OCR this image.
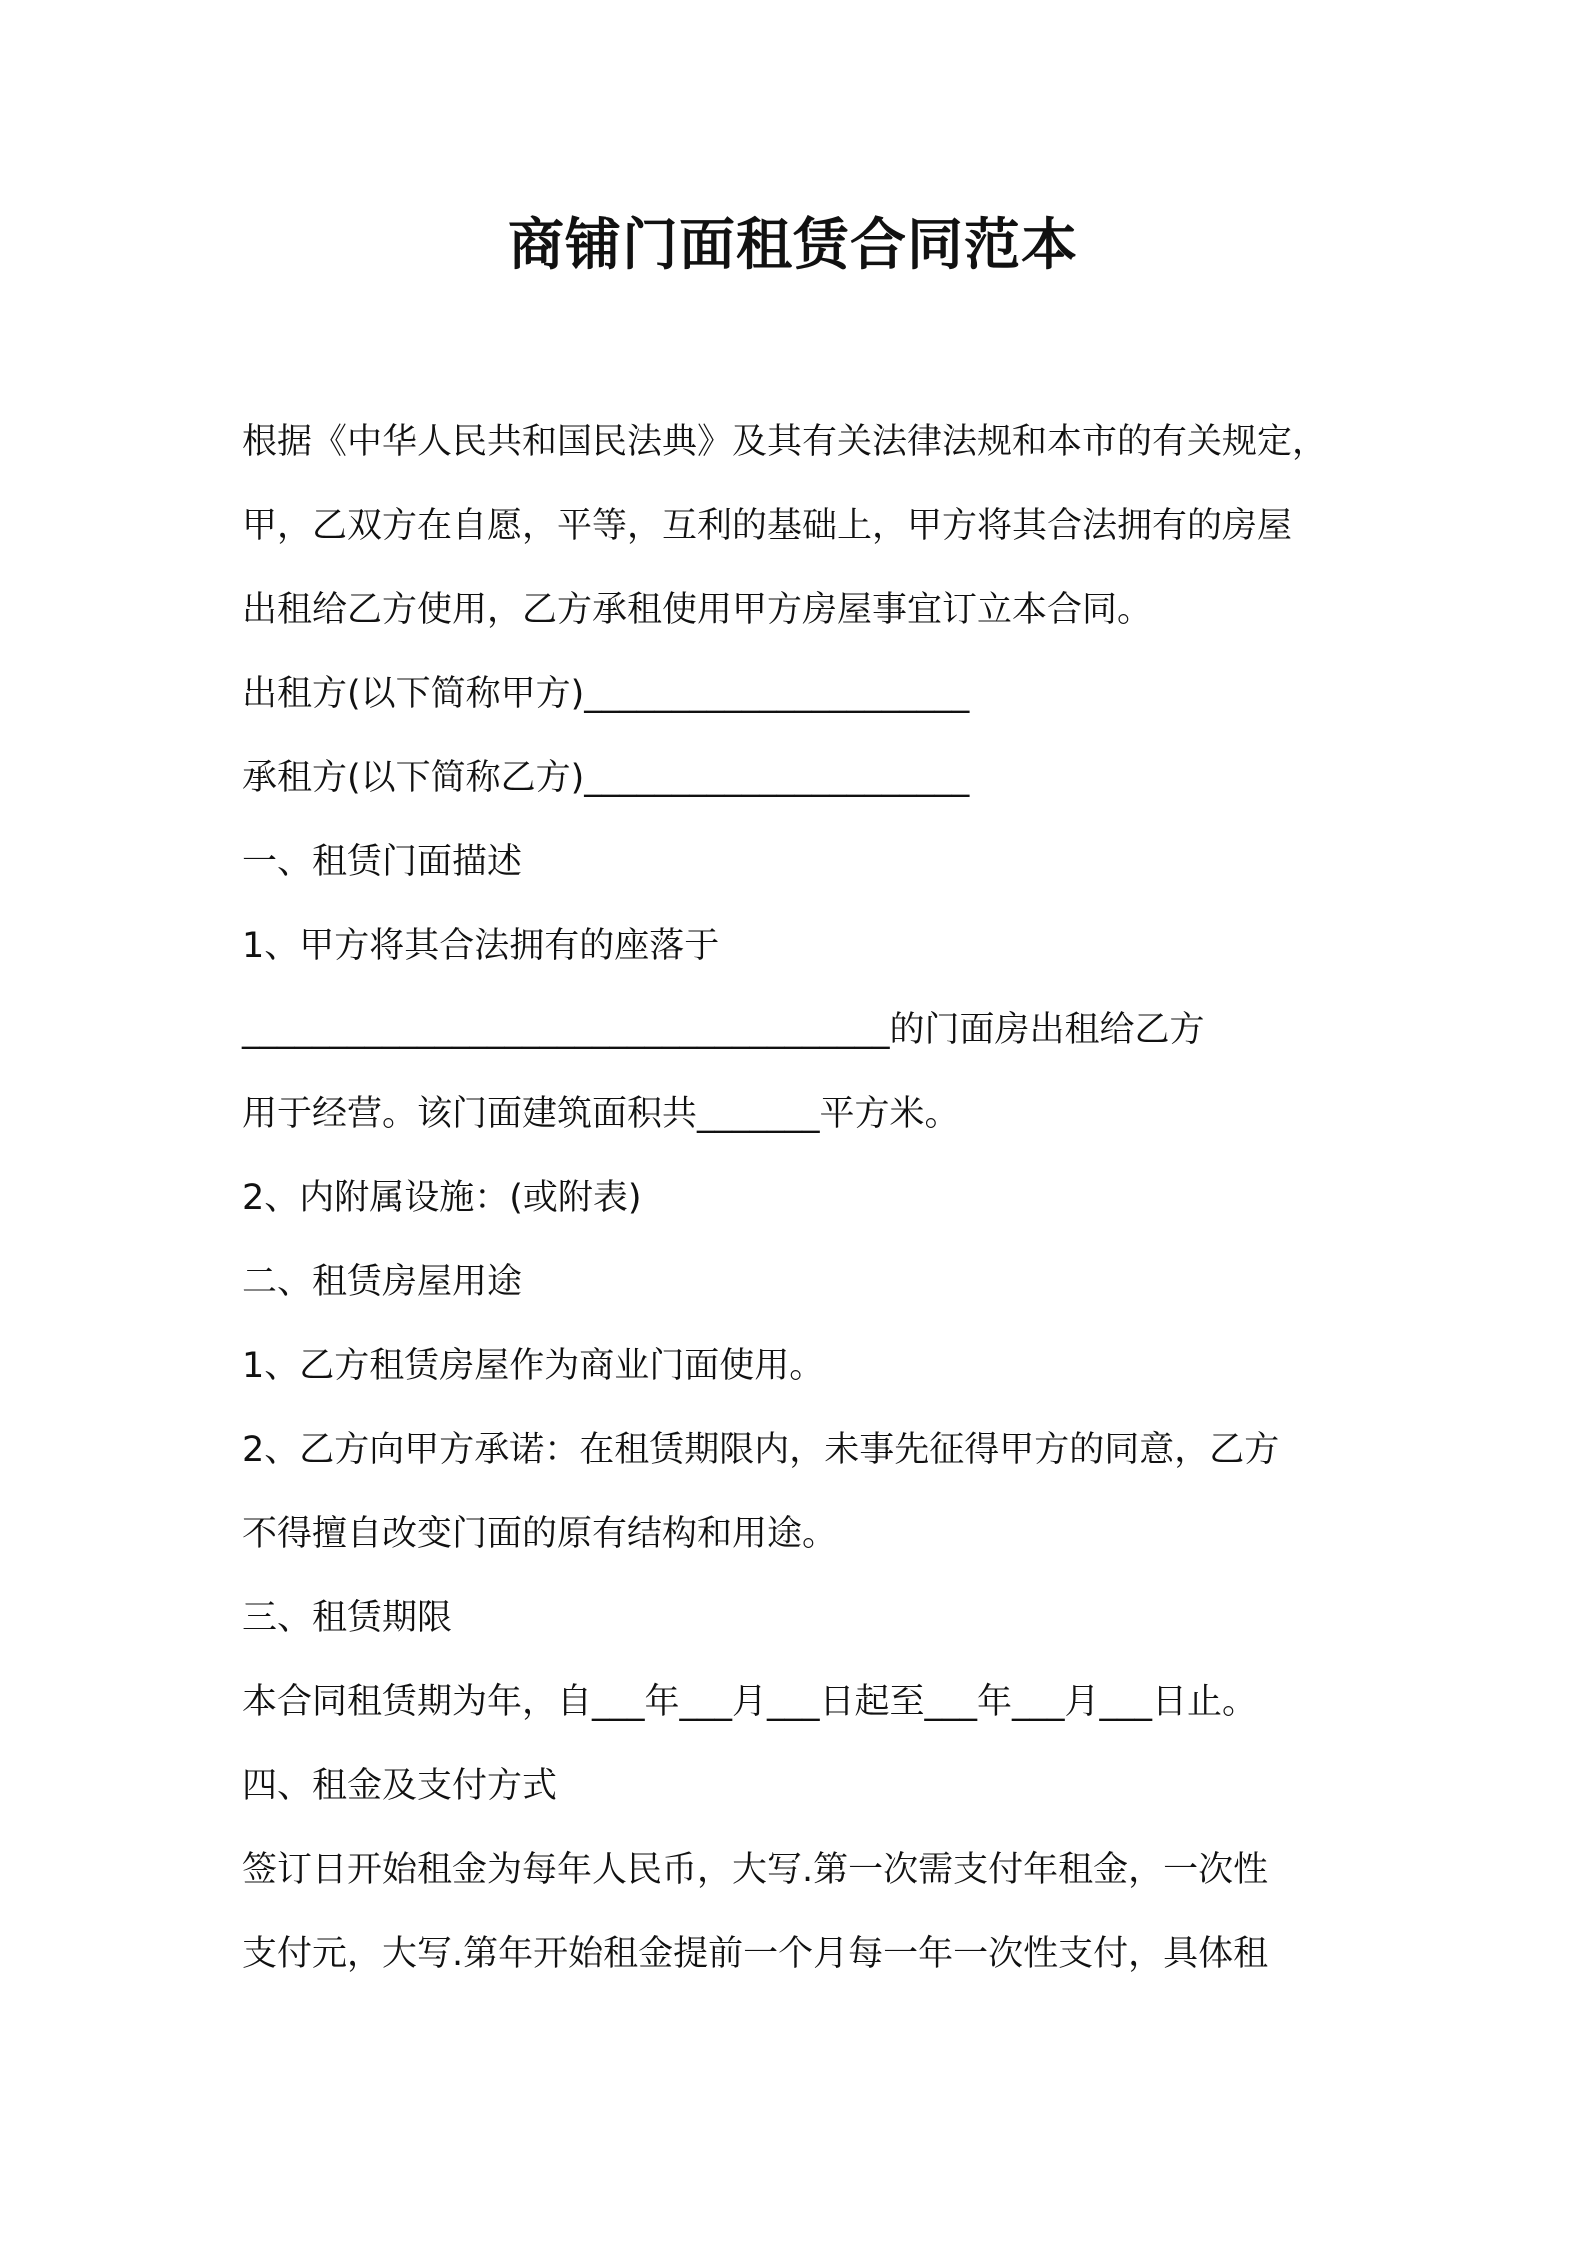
商铺门面租赁合同范本
根据《中华人民共和国民法典》及其有关法律法规和本市的有关规定，
甲，乙双方在自愿，平等，互利的基础上，甲方将其合法拥有的房屋
出租给乙方使用，乙方承租使用甲方房屋事宜订立本合同。
出租方(以下简称甲方)______________________
承租方(以下简称乙方)______________________
一、租赁门面描述
1、甲方将其合法拥有的座落于
_____________________________________的门面房出租给乙方
用于经营。该门面建筑面积共_______平方米。
2、内附属设施：(或附表)
二、租赁房屋用途
1、乙方租赁房屋作为商业门面使用。
2、乙方向甲方承诺：在租赁期限内，未事先征得甲方的同意，乙方
不得擅自改变门面的原有结构和用途。
三、租赁期限
本合同租赁期为年，自___年___月___日起至___年___月___日止。
四、租金及支付方式
签订日开始租金为每年人民币，大写.第一次需支付年租金，一次性
支付元，大写.第年开始租金提前一个月每一年一次性支付，具体租
